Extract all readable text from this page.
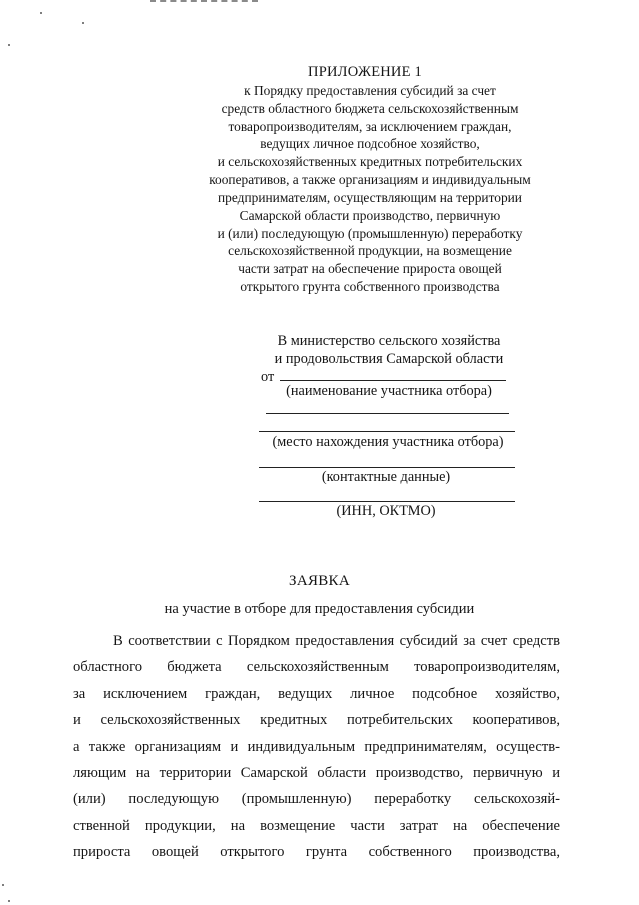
ПРИЛОЖЕНИЕ 1
к Порядку предоставления субсидий за счет
средств областного бюджета сельскохозяйственным
товаропроизводителям, за исключением граждан,
ведущих личное подсобное хозяйство,
и сельскохозяйственных кредитных потребительских
кооперативов, а также организациям и индивидуальным
предпринимателям, осуществляющим на территории
Самарской области производство, первичную
и (или) последующую (промышленную) переработку
сельскохозяйственной продукции, на возмещение
части затрат на обеспечение прироста овощей
открытого грунта собственного производства
В министерство сельского хозяйства
и продовольствия Самарской области
от
(наименование участника отбора)
(место нахождения участника отбора)
(контактные данные)
(ИНН, ОКТМО)
ЗАЯВКА
на участие в отборе для предоставления субсидии
В соответствии с Порядком предоставления субсидий за счет средств
областного бюджета сельскохозяйственным товаропроизводителям,
за исключением граждан, ведущих личное подсобное хозяйство,
и сельскохозяйственных кредитных потребительских кооперативов,
а также организациям и индивидуальным предпринимателям, осуществ-
ляющим на территории Самарской области производство, первичную и
(или) последующую (промышленную) переработку сельскохозяй-
ственной продукции, на возмещение части затрат на обеспечение
прироста овощей открытого грунта собственного производства,
